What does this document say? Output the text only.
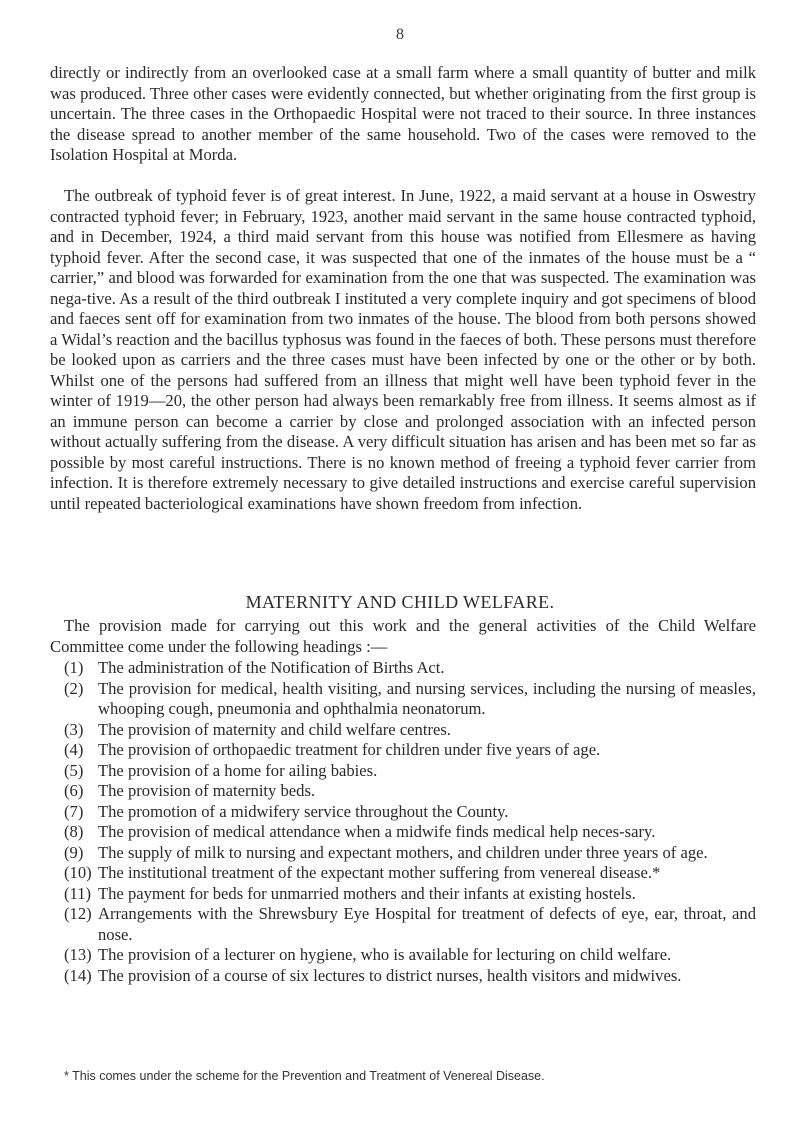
8

directly or indirectly from an overlooked case at a small farm where a small quantity of butter and milk was produced. Three other cases were evidently connected, but whether originating from the first group is uncertain. The three cases in the Orthopaedic Hospital were not traced to their source. In three instances the disease spread to another member of the same household. Two of the cases were removed to the Isolation Hospital at Morda.

The outbreak of typhoid fever is of great interest. In June, 1922, a maid servant at a house in Oswestry contracted typhoid fever; in February, 1923, another maid servant in the same house contracted typhoid, and in December, 1924, a third maid servant from this house was notified from Ellesmere as having typhoid fever. After the second case, it was suspected that one of the inmates of the house must be a “ carrier,” and blood was forwarded for examination from the one that was suspected. The examination was nega-tive. As a result of the third outbreak I instituted a very complete inquiry and got specimens of blood and faeces sent off for examination from two inmates of the house. The blood from both persons showed a Widal’s reaction and the bacillus typhosus was found in the faeces of both. These persons must therefore be looked upon as carriers and the three cases must have been infected by one or the other or by both. Whilst one of the persons had suffered from an illness that might well have been typhoid fever in the winter of 1919—20, the other person had always been remarkably free from illness. It seems almost as if an immune person can become a carrier by close and prolonged association with an infected person without actually suffering from the disease. A very difficult situation has arisen and has been met so far as possible by most careful instructions. There is no known method of freeing a typhoid fever carrier from infection. It is therefore extremely necessary to give detailed instructions and exercise careful supervision until repeated bacteriological examinations have shown freedom from infection.

MATERNITY AND CHILD WELFARE.
The provision made for carrying out this work and the general activities of the Child Welfare Committee come under the following headings :—
(1) The administration of the Notification of Births Act.
(2) The provision for medical, health visiting, and nursing services, including the nursing of measles, whooping cough, pneumonia and ophthalmia neonatorum.
(3) The provision of maternity and child welfare centres.
(4) The provision of orthopaedic treatment for children under five years of age.
(5) The provision of a home for ailing babies.
(6) The provision of maternity beds.
(7) The promotion of a midwifery service throughout the County.
(8) The provision of medical attendance when a midwife finds medical help neces-sary.
(9) The supply of milk to nursing and expectant mothers, and children under three years of age.
(10) The institutional treatment of the expectant mother suffering from venereal disease.*
(11) The payment for beds for unmarried mothers and their infants at existing hostels.
(12) Arrangements with the Shrewsbury Eye Hospital for treatment of defects of eye, ear, throat, and nose.
(13) The provision of a lecturer on hygiene, who is available for lecturing on child welfare.
(14) The provision of a course of six lectures to district nurses, health visitors and midwives.
* This comes under the scheme for the Prevention and Treatment of Venereal Disease.
